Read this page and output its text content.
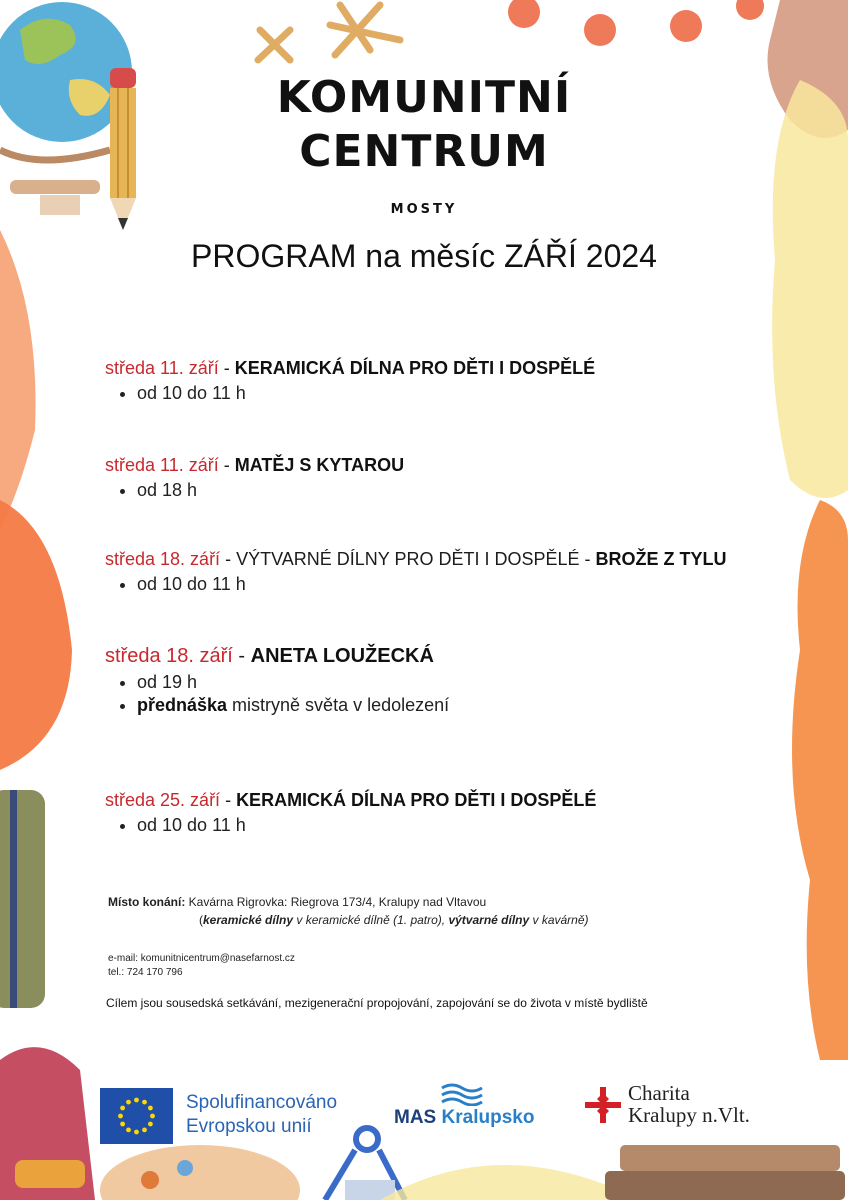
KOMUNITNÍ
CENTRUM
MOSTY
PROGRAM na měsíc ZÁŘÍ 2024
středa 11. září - KERAMICKÁ DÍLNA PRO DĚTI I DOSPĚLÉ
• od 10 do 11 h
středa 11. září - MATĚJ S KYTAROU
• od 18 h
středa 18. září - VÝTVARNÉ DÍLNY PRO DĚTI I DOSPĚLÉ - BROŽE Z TYLU
• od 10 do 11 h
středa 18. září - ANETA LOUŽECKÁ
• od 19 h
• přednáška mistryně světa v ledolezení
středa 25. září - KERAMICKÁ DÍLNA PRO DĚTI I DOSPĚLÉ
• od 10 do 11 h
Místo konání: Kavárna Rigrovka: Riegrova 173/4, Kralupy nad Vltavou
(keramické dílny v keramické dílně (1. patro), výtvarné dílny v kavárně)
e-mail: komunitnicentrum@nasefarnost.cz
tel.: 724 170 796
Cílem jsou sousedská setkávání, mezigenerační propojování, zapojování se do života v místě bydliště
Spolufinancováno
Evropskou unií	MAS Kralupsko
Charita
Kralupy n.Vlt.
